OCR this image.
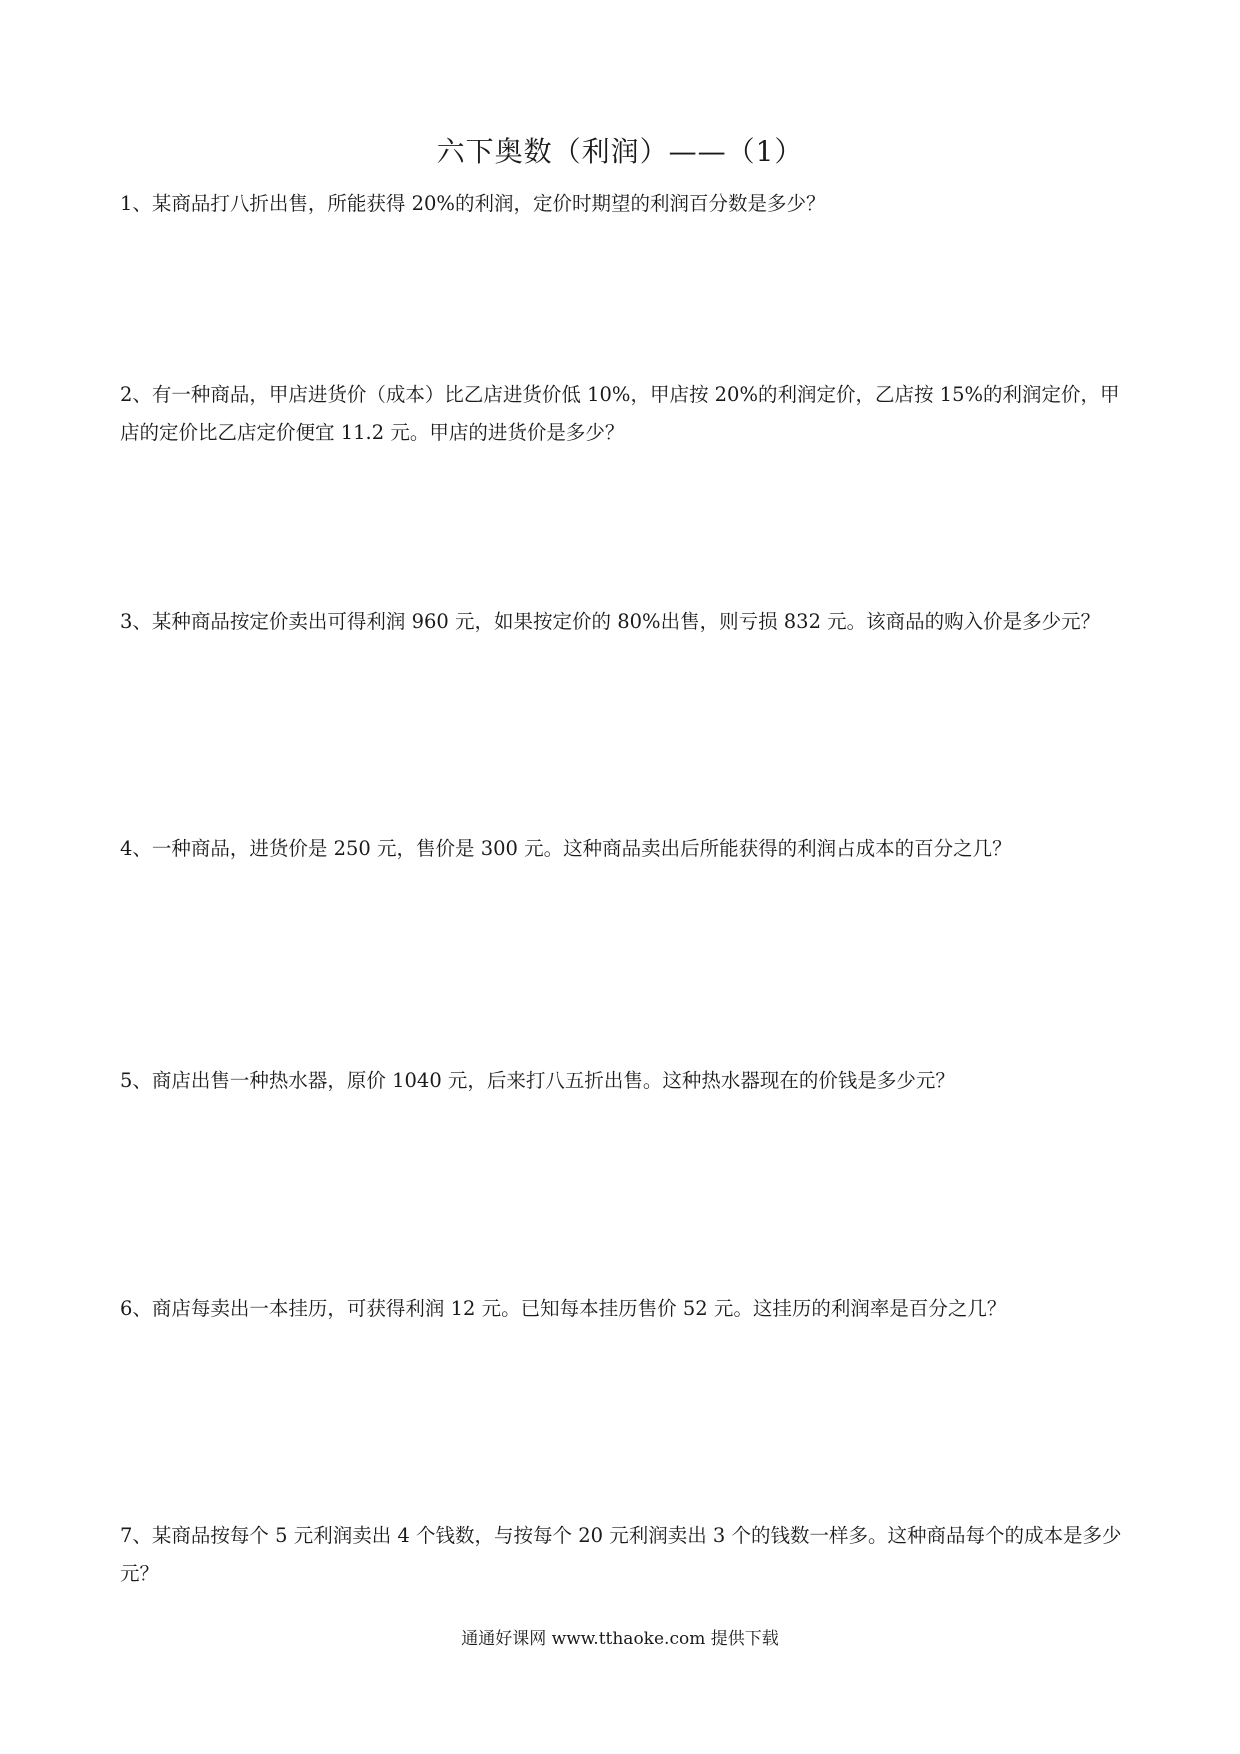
六下奥数（利润）——（1）

1、某商品打八折出售，所能获得 20%的利润，定价时期望的利润百分数是多少？

2、有一种商品，甲店进货价（成本）比乙店进货价低 10%，甲店按 20%的利润定价，乙店按 15%的利润定价，甲店的定价比乙店定价便宜 11.2 元。甲店的进货价是多少？

3、某种商品按定价卖出可得利润 960 元，如果按定价的 80%出售，则亏损 832 元。该商品的购入价是多少元？

4、一种商品，进货价是 250 元，售价是 300 元。这种商品卖出后所能获得的利润占成本的百分之几？

5、商店出售一种热水器，原价 1040 元，后来打八五折出售。这种热水器现在的价钱是多少元？

6、商店每卖出一本挂历，可获得利润 12 元。已知每本挂历售价 52 元。这挂历的利润率是百分之几？

7、某商品按每个 5 元利润卖出 4 个钱数，与按每个 20 元利润卖出 3 个的钱数一样多。这种商品每个的成本是多少元？

通通好课网 www.tthaoke.com 提供下载
